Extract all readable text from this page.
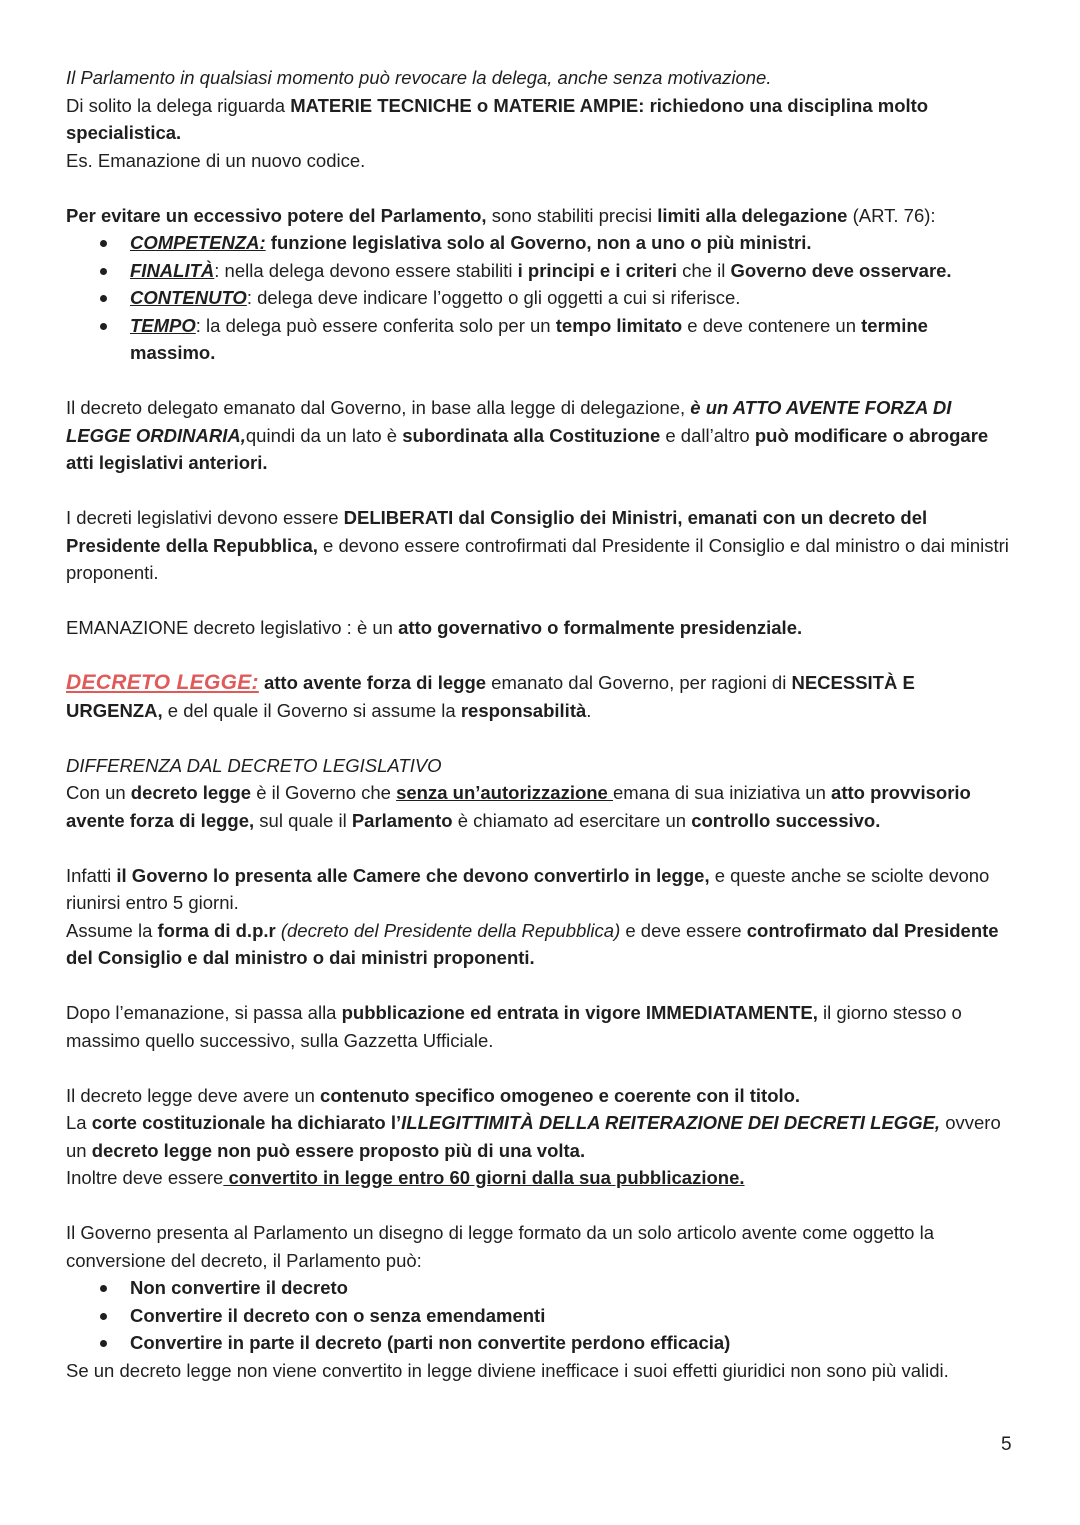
Il Parlamento in qualsiasi momento può revocare la delega, anche senza motivazione.

Di solito la delega riguarda MATERIE TECNICHE o MATERIE AMPIE: richiedono una disciplina molto specialistica.

Es. Emanazione di un nuovo codice.

Per evitare un eccessivo potere del Parlamento, sono stabiliti precisi limiti alla delegazione (ART. 76):

COMPETENZA: funzione legislativa solo al Governo, non a uno o più ministri.
FINALITÀ: nella delega devono essere stabiliti i principi e i criteri che il Governo deve osservare.
CONTENUTO: delega deve indicare l’oggetto o gli oggetti a cui si riferisce.
TEMPO: la delega può essere conferita solo per un tempo limitato e deve contenere un termine massimo.

Il decreto delegato emanato dal Governo, in base alla legge di delegazione, è un ATTO AVENTE FORZA DI LEGGE ORDINARIA,quindi da un lato è subordinata alla Costituzione e dall’altro può modificare o abrogare atti legislativi anteriori.

I decreti legislativi devono essere DELIBERATI dal Consiglio dei Ministri, emanati con un decreto del Presidente della Repubblica, e devono essere controfirmati dal Presidente il Consiglio e dal ministro o dai ministri proponenti.

EMANAZIONE decreto legislativo : è un atto governativo o formalmente presidenziale.

DECRETO LEGGE: atto avente forza di legge emanato dal Governo, per ragioni di NECESSITÀ E URGENZA, e del quale il Governo si assume la responsabilità.

DIFFERENZA DAL DECRETO LEGISLATIVO

Con un decreto legge è il Governo che senza un’autorizzazione emana di sua iniziativa un atto provvisorio avente forza di legge, sul quale il Parlamento è chiamato ad esercitare un controllo successivo.

Infatti il Governo lo presenta alle Camere che devono convertirlo in legge, e queste anche se sciolte devono riunirsi entro 5 giorni.

Assume la forma di d.p.r (decreto del Presidente della Repubblica) e deve essere controfirmato dal Presidente del Consiglio e dal ministro o dai ministri proponenti.

Dopo l’emanazione, si passa alla pubblicazione ed entrata in vigore IMMEDIATAMENTE, il giorno stesso o massimo quello successivo, sulla Gazzetta Ufficiale.

Il decreto legge deve avere un contenuto specifico omogeneo e coerente con il titolo.

La corte costituzionale ha dichiarato l’ILLEGITTIMITÀ DELLA REITERAZIONE DEI DECRETI LEGGE, ovvero un decreto legge non può essere proposto più di una volta.

Inoltre deve essere convertito in legge entro 60 giorni dalla sua pubblicazione.

Il Governo presenta al Parlamento un disegno di legge formato da un solo articolo avente come oggetto la conversione del decreto, il Parlamento può:

Non convertire il decreto
Convertire il decreto con o senza emendamenti
Convertire in parte il decreto (parti non convertite perdono efficacia)

Se un decreto legge non viene convertito in legge diviene inefficace i suoi effetti giuridici non sono più validi.

5
